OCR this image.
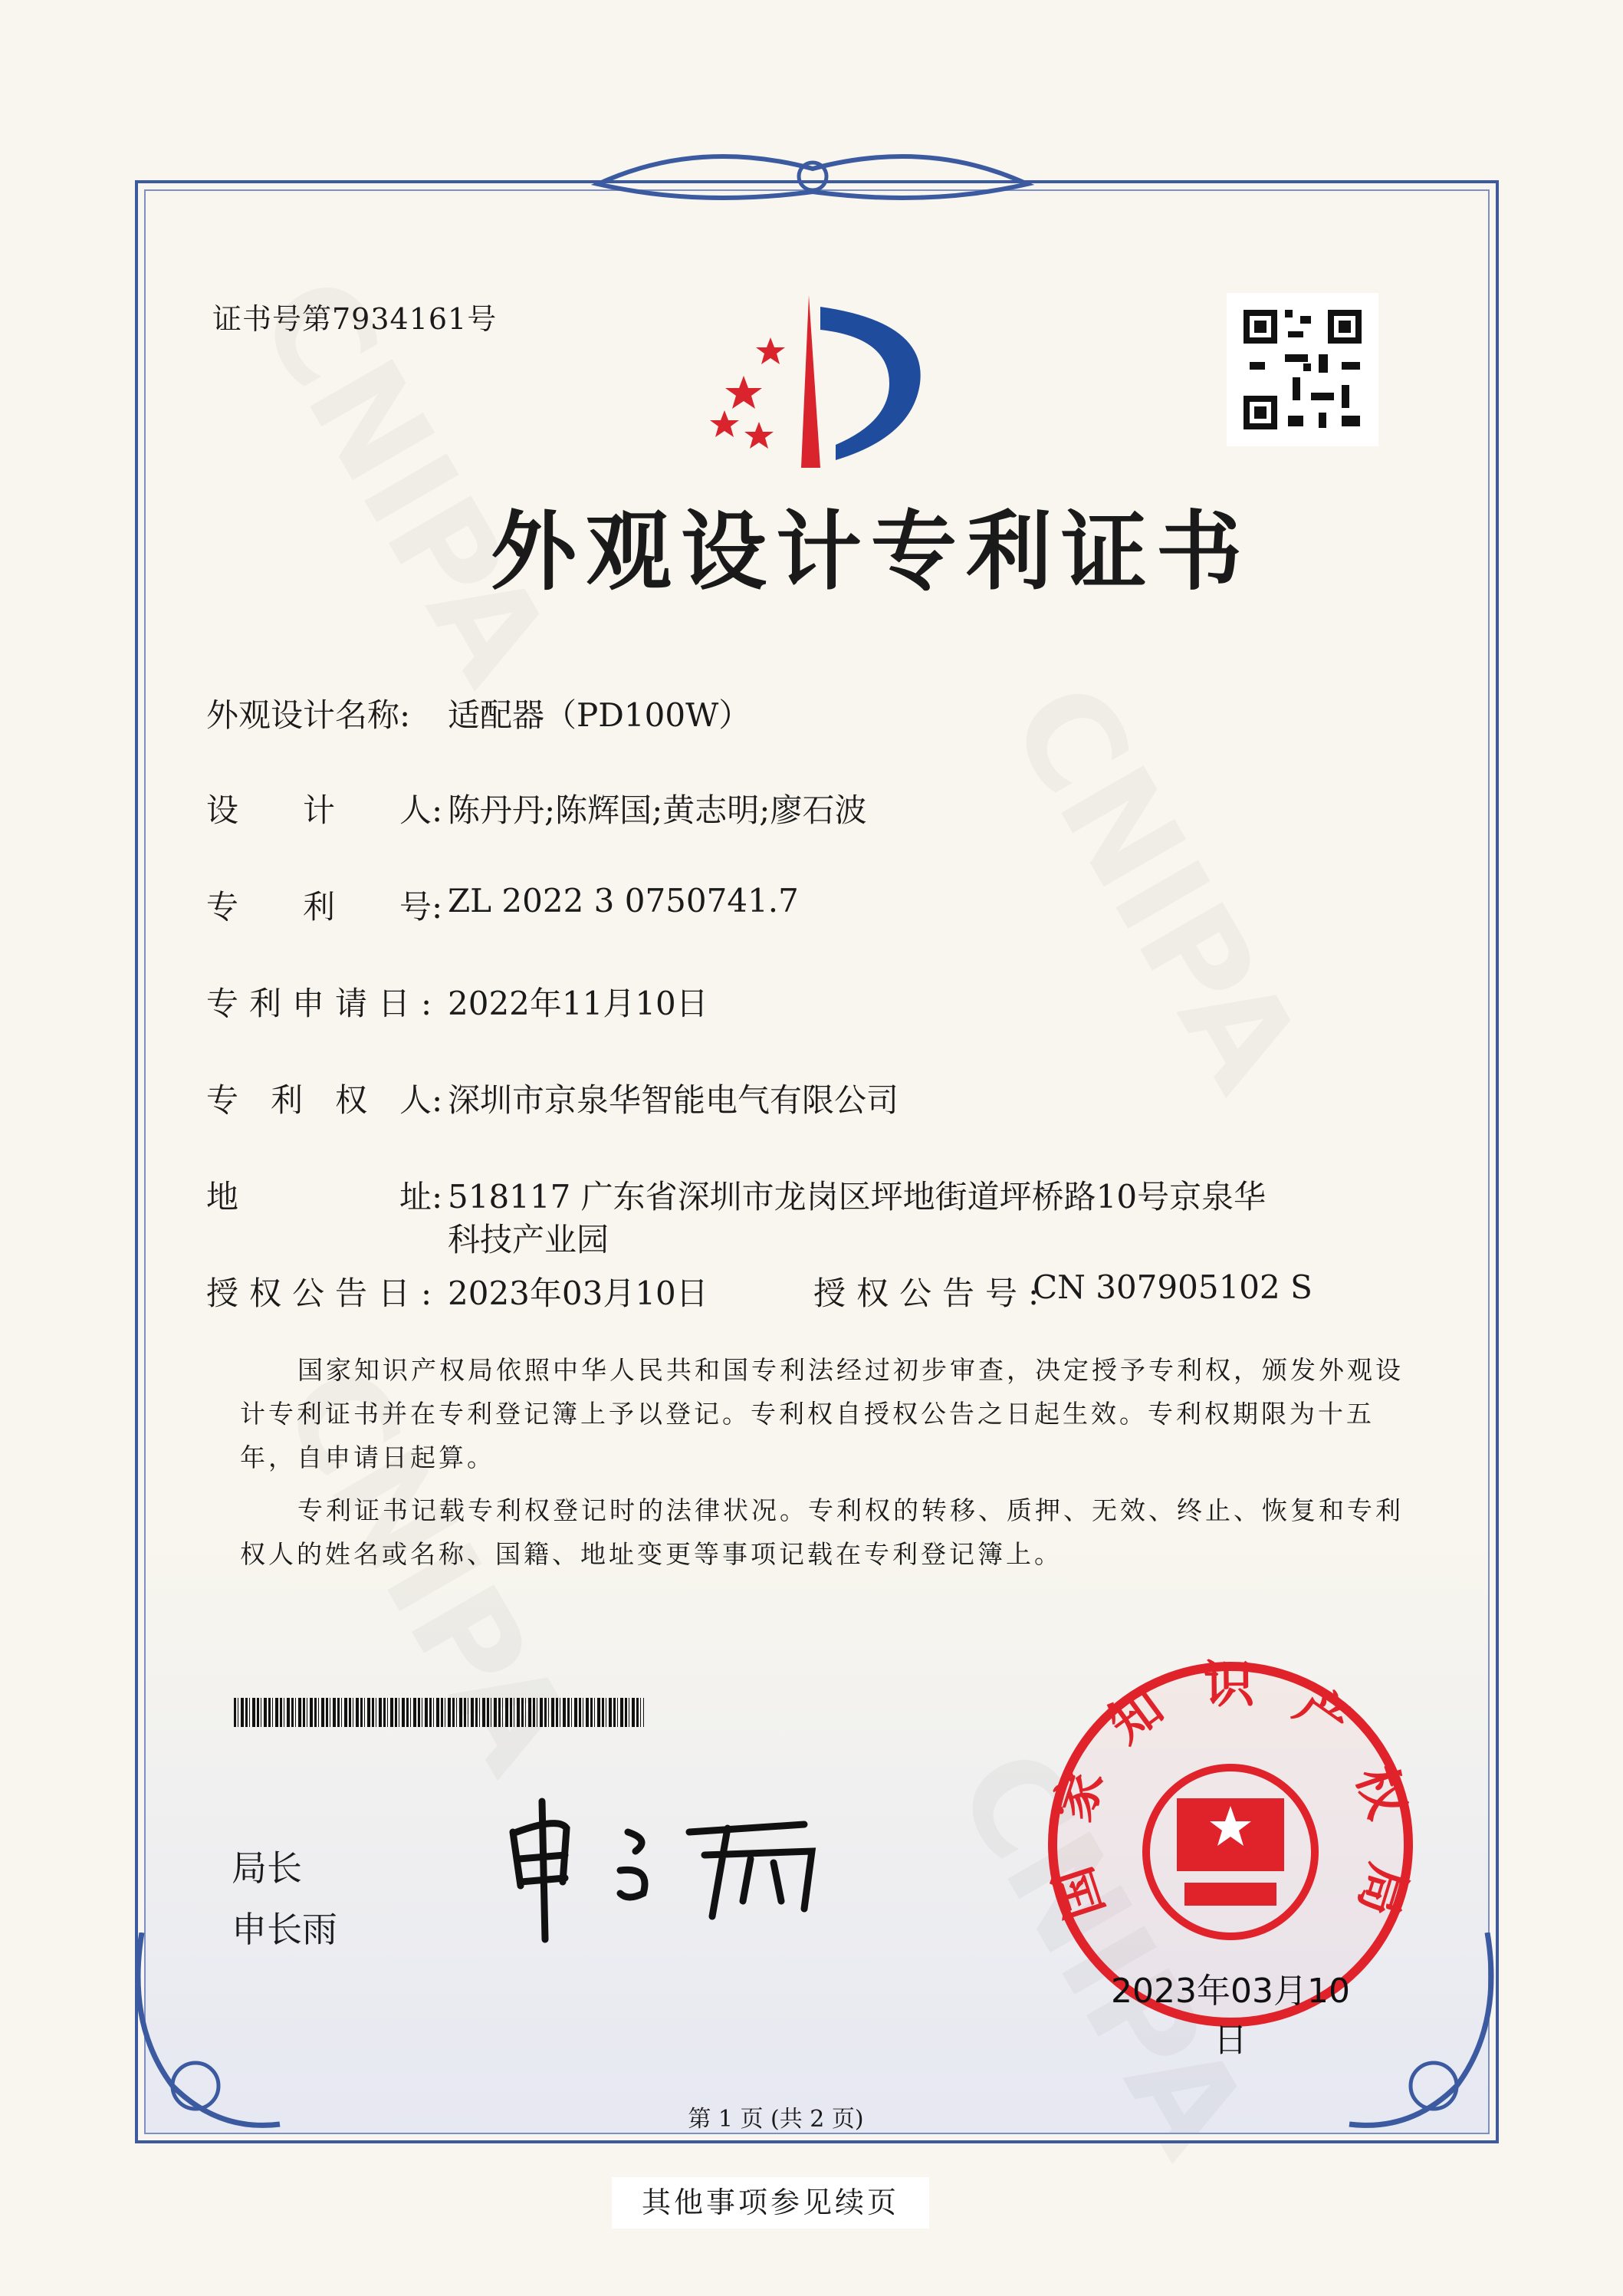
证书号第7934161号
外观设计专利证书
外观设计名称:	适配器（PD100W）
设　　计　　人: 陈丹丹;陈辉国;黄志明;廖石波
专　　利　　号: ZL 2022 3 0750741.7
专利申请日: 2022年11月10日
专　利　权　人: 深圳市京泉华智能电气有限公司
地　　　　　址: 518117 广东省深圳市龙岗区坪地街道坪桥路10号京泉华
科技产业园
授权公告日: 2023年03月10日	授权公告号:
CN 307905102 S

国家知识产权局依照中华人民共和国专利法经过初步审查，决定授予专利权，颁发外观设计专利证书并在专利登记簿上予以登记。专利权自授权公告之日起生效。专利权期限为十五年，自申请日起算。

专利证书记载专利权登记时的法律状况。专利权的转移、质押、无效、终止、恢复和专利权人的姓名或名称、国籍、地址变更等事项记载在专利登记簿上。

局长
申长雨
国家知识产权局
2023年03月10日
第 1 页 (共 2 页)
其他事项参见续页
